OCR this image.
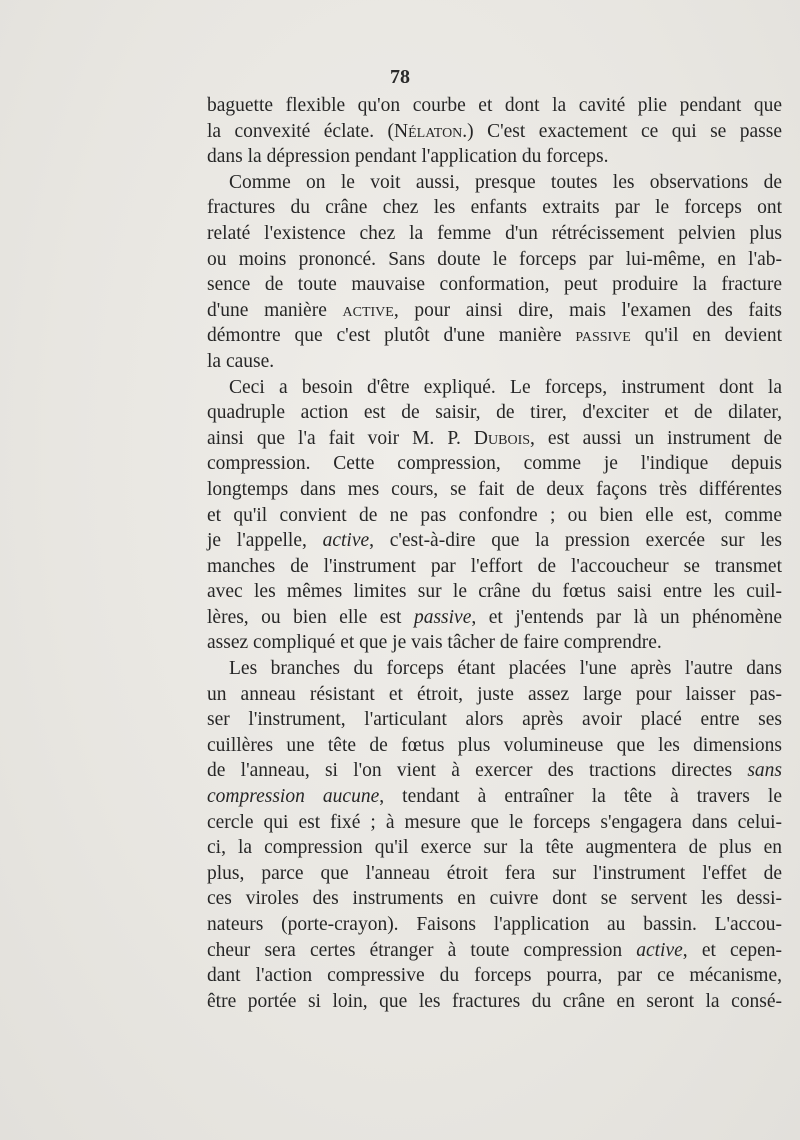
78
baguette flexible qu'on courbe et dont la cavité plie pendant que
la convexité éclate. (Nélaton.) C'est exactement ce qui se passe
dans la dépression pendant l'application du forceps.
Comme on le voit aussi, presque toutes les observations de
fractures du crâne chez les enfants extraits par le forceps ont
relaté l'existence chez la femme d'un rétrécissement pelvien plus
ou moins prononcé. Sans doute le forceps par lui-même, en l'ab-
sence de toute mauvaise conformation, peut produire la fracture
d'une manière active, pour ainsi dire, mais l'examen des faits
démontre que c'est plutôt d'une manière passive qu'il en devient
la cause.
Ceci a besoin d'être expliqué. Le forceps, instrument dont la
quadruple action est de saisir, de tirer, d'exciter et de dilater,
ainsi que l'a fait voir M. P. Dubois, est aussi un instrument de
compression. Cette compression, comme je l'indique depuis
longtemps dans mes cours, se fait de deux façons très différentes
et qu'il convient de ne pas confondre ; ou bien elle est, comme
je l'appelle, active, c'est-à-dire que la pression exercée sur les
manches de l'instrument par l'effort de l'accoucheur se transmet
avec les mêmes limites sur le crâne du fœtus saisi entre les cuil-
lères, ou bien elle est passive, et j'entends par là un phénomène
assez compliqué et que je vais tâcher de faire comprendre.
Les branches du forceps étant placées l'une après l'autre dans
un anneau résistant et étroit, juste assez large pour laisser pas-
ser l'instrument, l'articulant alors après avoir placé entre ses
cuillères une tête de fœtus plus volumineuse que les dimensions
de l'anneau, si l'on vient à exercer des tractions directes sans
compression aucune, tendant à entraîner la tête à travers le
cercle qui est fixé ; à mesure que le forceps s'engagera dans celui-
ci, la compression qu'il exerce sur la tête augmentera de plus en
plus, parce que l'anneau étroit fera sur l'instrument l'effet de
ces viroles des instruments en cuivre dont se servent les dessi-
nateurs (porte-crayon). Faisons l'application au bassin. L'accou-
cheur sera certes étranger à toute compression active, et cepen-
dant l'action compressive du forceps pourra, par ce mécanisme,
être portée si loin, que les fractures du crâne en seront la consé-
